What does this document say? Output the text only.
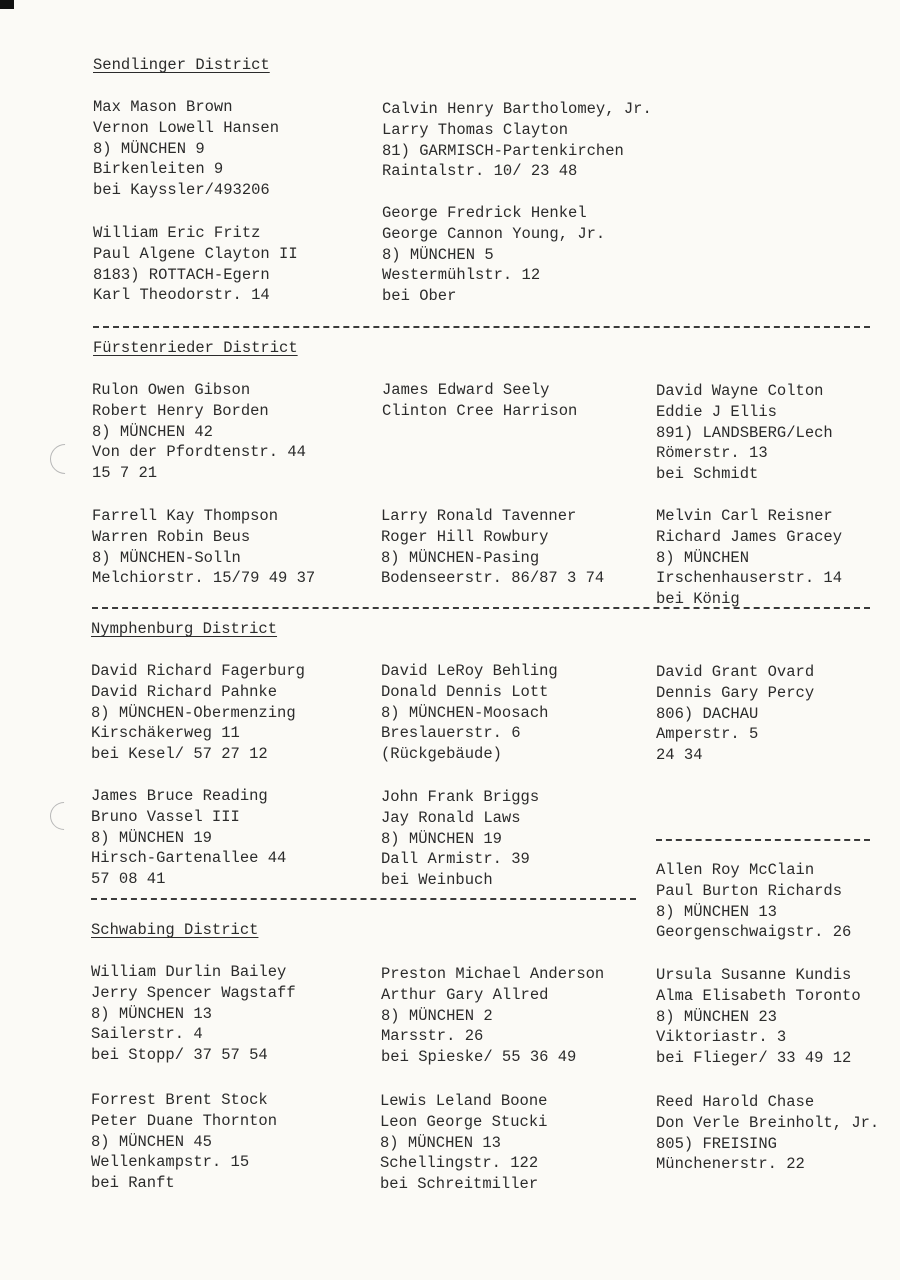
Sendlinger District
Max Mason Brown
Vernon Lowell Hansen
8) MÜNCHEN 9
Birkenleiten 9
bei Kayssler/493206
Calvin Henry Bartholomey, Jr.
Larry Thomas Clayton
81) GARMISCH-Partenkirchen
Raintalstr. 10/ 23 48
William Eric Fritz
Paul Algene Clayton II
8183) ROTTACH-Egern
Karl Theodorstr. 14
George Fredrick Henkel
George Cannon Young, Jr.
8) MÜNCHEN 5
Westermühlstr. 12
bei Ober
Fürstenrieder District
Rulon Owen Gibson
Robert Henry Borden
8) MÜNCHEN 42
Von der Pfordtenstr. 44
15 7 21
James Edward Seely
Clinton Cree Harrison
David Wayne Colton
Eddie J Ellis
891) LANDSBERG/Lech
Römerstr. 13
bei Schmidt
Farrell Kay Thompson
Warren Robin Beus
8) MÜNCHEN-Solln
Melchiorstr. 15/79 49 37
Larry Ronald Tavenner
Roger Hill Rowbury
8) MÜNCHEN-Pasing
Bodenseerstr. 86/87 3 74
Melvin Carl Reisner
Richard James Gracey
8) MÜNCHEN
Irschenhauserstr. 14
bei König
Nymphenburg District
David Richard Fagerburg
David Richard Pahnke
8) MÜNCHEN-Obermenzing
Kirschäkerweg 11
bei Kesel/ 57 27 12
David LeRoy Behling
Donald Dennis Lott
8) MÜNCHEN-Moosach
Breslauerstr. 6
(Rückgebäude)
David Grant Ovard
Dennis Gary Percy
806) DACHAU
Amperstr. 5
24 34
James Bruce Reading
Bruno Vassel III
8) MÜNCHEN 19
Hirsch-Gartenallee 44
57 08 41
John Frank Briggs
Jay Ronald Laws
8) MÜNCHEN 19
Dall Armistr. 39
bei Weinbuch
Allen Roy McClain
Paul Burton Richards
8) MÜNCHEN 13
Georgenschwaigstr. 26
Schwabing District
William Durlin Bailey
Jerry Spencer Wagstaff
8) MÜNCHEN 13
Sailerstr. 4
bei Stopp/ 37 57 54
Preston Michael Anderson
Arthur Gary Allred
8) MÜNCHEN 2
Marsstr. 26
bei Spieske/ 55 36 49
Ursula Susanne Kundis
Alma Elisabeth Toronto
8) MÜNCHEN 23
Viktoriastr. 3
bei Flieger/ 33 49 12
Forrest Brent Stock
Peter Duane Thornton
8) MÜNCHEN 45
Wellenkampstr. 15
bei Ranft
Lewis Leland Boone
Leon George Stucki
8) MÜNCHEN 13
Schellingstr. 122
bei Schreitmiller
Reed Harold Chase
Don Verle Breinholt, Jr.
805) FREISING
Münchenerstr. 22
